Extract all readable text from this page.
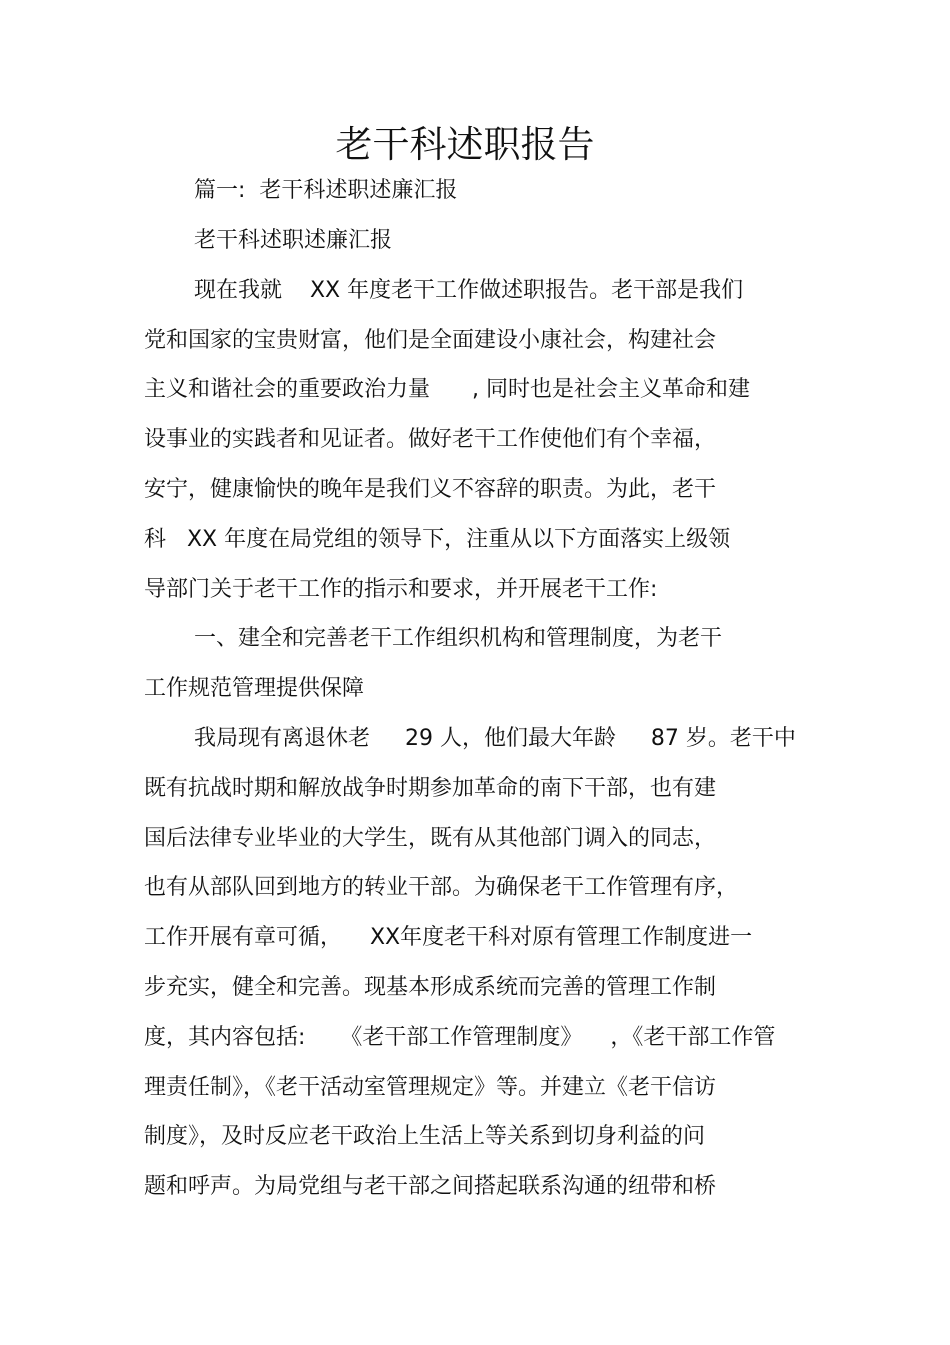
老干科述职报告
篇一:  老干科述职述廉汇报
老干科述职述廉汇报
现在我就    XX 年度老干工作做述职报告。老干部是我们
党和国家的宝贵财富，他们是全面建设小康社会，构建社会
主义和谐社会的重要政治力量      , 同时也是社会主义革命和建
设事业的实践者和见证者。做好老干工作使他们有个幸福，
安宁，健康愉快的晚年是我们义不容辞的职责。为此，老干
科   XX 年度在局党组的领导下，注重从以下方面落实上级领
导部门关于老干工作的指示和要求，并开展老干工作:
一、建全和完善老干工作组织机构和管理制度，为老干
工作规范管理提供保障
我局现有离退休老     29 人，他们最大年龄     87 岁。老干中
既有抗战时期和解放战争时期参加革命的南下干部，也有建
国后法律专业毕业的大学生，既有从其他部门调入的同志，
也有从部队回到地方的转业干部。为确保老干工作管理有序，
工作开展有章可循，    XX年度老干科对原有管理工作制度进一
步充实，健全和完善。现基本形成系统而完善的管理工作制
度，其内容包括:     《老干部工作管理制度》    ，《老干部工作管
理责任制》，《老干活动室管理规定》等。并建立《老干信访
制度》，及时反应老干政治上生活上等关系到切身利益的问
题和呼声。为局党组与老干部之间搭起联系沟通的纽带和桥
